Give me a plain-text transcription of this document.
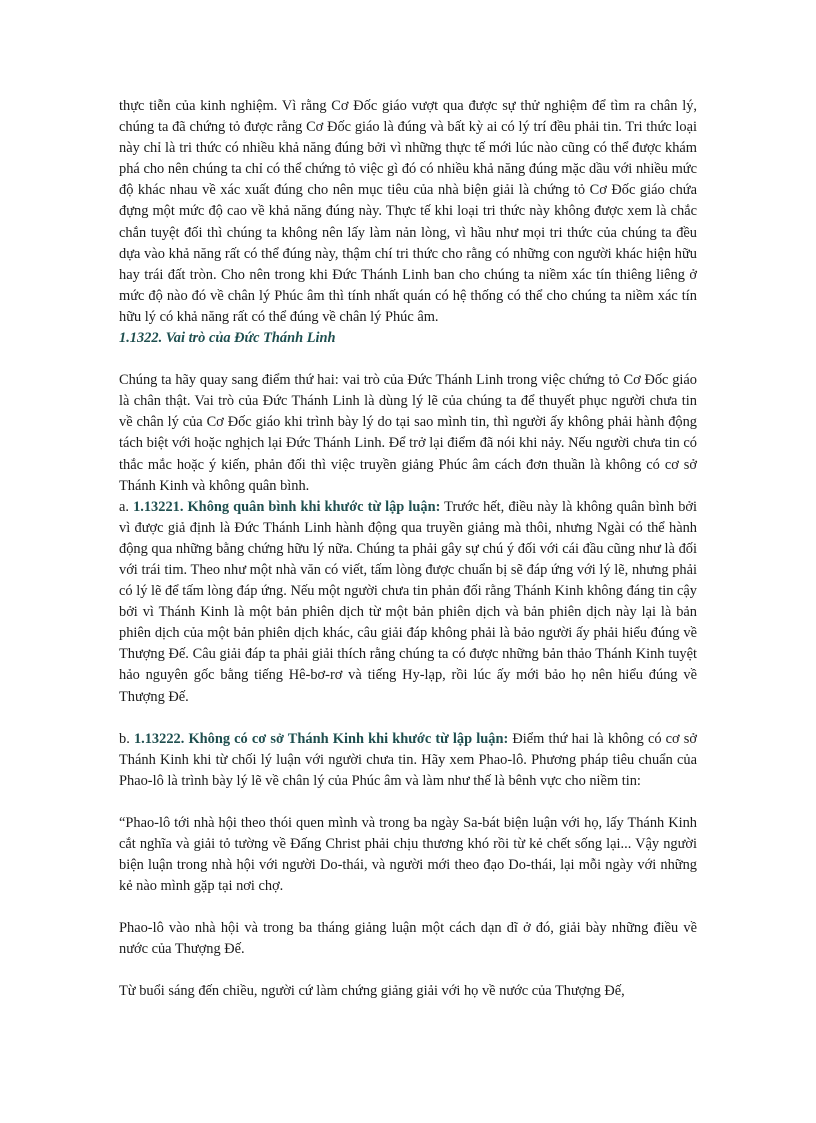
thực tiễn của kinh nghiệm. Vì rằng Cơ Đốc giáo vượt qua được sự thử nghiệm để tìm ra chân lý, chúng ta đã chứng tỏ được rằng Cơ Đốc giáo là đúng và bất kỳ ai có lý trí đều phải tin. Tri thức loại này chỉ là tri thức có nhiều khả năng đúng bởi vì những thực tế mới lúc nào cũng có thể được khám phá cho nên chúng ta chỉ có thể chứng tỏ việc gì đó có nhiều khả năng đúng mặc dầu với nhiều mức độ khác nhau về xác xuất đúng cho nên mục tiêu của nhà biện giải là chứng tỏ Cơ Đốc giáo chứa đựng một mức độ cao về khả năng đúng này. Thực tế khi loại tri thức này không được xem là chắc chắn tuyệt đối thì chúng ta không nên lấy làm nản lòng, vì hầu như mọi tri thức của chúng ta đều dựa vào khả năng rất có thể đúng này, thậm chí tri thức cho rằng có những con người khác hiện hữu hay trái đất tròn. Cho nên trong khi Đức Thánh Linh ban cho chúng ta niềm xác tín thiêng liêng ở mức độ nào đó về chân lý Phúc âm thì tính nhất quán có hệ thống có thể cho chúng ta niềm xác tín hữu lý có khả năng rất có thể đúng về chân lý Phúc âm.

1.1322. Vai trò của Đức Thánh Linh

Chúng ta hãy quay sang điểm thứ hai: vai trò của Đức Thánh Linh trong việc chứng tỏ Cơ Đốc giáo là chân thật. Vai trò của Đức Thánh Linh là dùng lý lẽ của chúng ta để thuyết phục người chưa tin về chân lý của Cơ Đốc giáo khi trình bày lý do tại sao mình tin, thì người ấy không phải hành động tách biệt với hoặc nghịch lại Đức Thánh Linh. Để trở lại điểm đã nói khi nảy. Nếu người chưa tin có thắc mắc hoặc ý kiến, phản đối thì việc truyền giảng Phúc âm cách đơn thuần là không có cơ sở Thánh Kinh và không quân bình.
a. 1.13221. Không quân bình khi khước từ lập luận: Trước hết, điều này là không quân bình bởi vì được giả định là Đức Thánh Linh hành động qua truyền giảng mà thôi, nhưng Ngài có thể hành động qua những bằng chứng hữu lý nữa. Chúng ta phải gây sự chú ý đối với cái đầu cũng như là đối với trái tim. Theo như một nhà văn có viết, tấm lòng được chuẩn bị sẽ đáp ứng với lý lẽ, nhưng phải có lý lẽ để tấm lòng đáp ứng. Nếu một người chưa tin phản đối rằng Thánh Kinh không đáng tin cậy bởi vì Thánh Kinh là một bản phiên dịch từ một bản phiên dịch và bản phiên dịch này lại là bản phiên dịch của một bản phiên dịch khác, câu giải đáp không phải là bảo người ấy phải hiểu đúng về Thượng Đế. Câu giải đáp ta phải giải thích rằng chúng ta có được những bản thảo Thánh Kinh tuyệt hảo nguyên gốc bằng tiếng Hê-bơ-rơ và tiếng Hy-lạp, rồi lúc ấy mới bảo họ nên hiểu đúng về Thượng Đế.

b. 1.13222. Không có cơ sở Thánh Kinh khi khước từ lập luận: Điểm thứ hai là không có cơ sở Thánh Kinh khi từ chối lý luận với người chưa tin. Hãy xem Phao-lô. Phương pháp tiêu chuẩn của Phao-lô là trình bày lý lẽ về chân lý của Phúc âm và làm như thế là bênh vực cho niềm tin:

“Phao-lô tới nhà hội theo thói quen mình và trong ba ngày Sa-bát biện luận với họ, lấy Thánh Kinh cắt nghĩa và giải tỏ tường về Đấng Christ phải chịu thương khó rồi từ kẻ chết sống lại... Vậy người biện luận trong nhà hội với người Do-thái, và người mới theo đạo Do-thái, lại mỗi ngày với những kẻ nào mình gặp tại nơi chợ.

Phao-lô vào nhà hội và trong ba tháng giảng luận một cách dạn dĩ ở đó, giải bày những điều về nước của Thượng Đế.

Từ buổi sáng đến chiều, người cứ làm chứng giảng giải với họ về nước của Thượng Đế,
